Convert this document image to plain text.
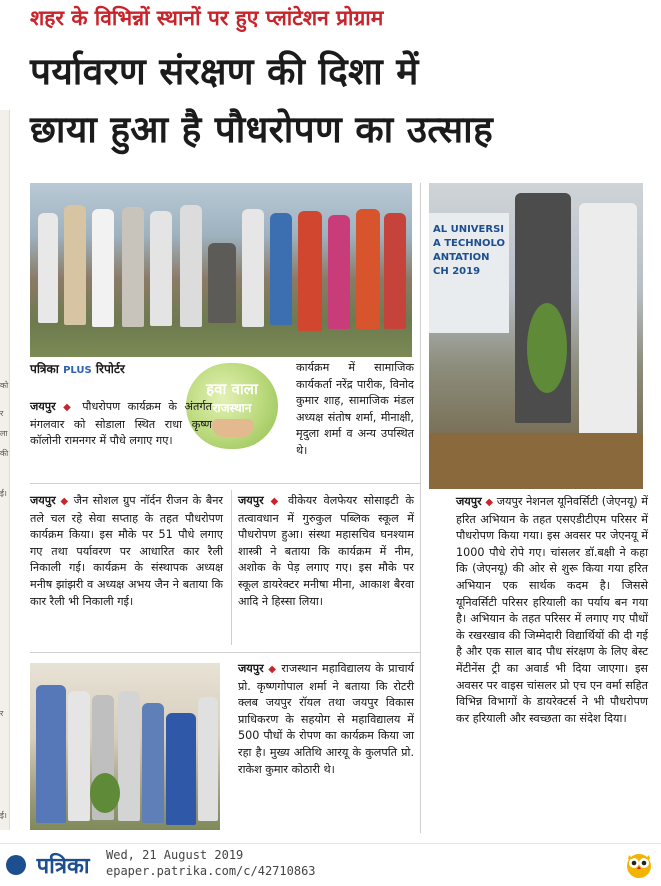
को
र
ला
की
ई।
र
ई।
शहर के विभिन्नों स्थानों पर हुए प्लांटेशन प्रोग्राम
पर्यावरण संरक्षण की दिशा में
छाया हुआ है पौधरोपण का उत्साह
AL UNIVERSI
A TECHNOLO
ANTATION
CH 2019
पत्रिका PLUS रिपोर्टर
हवा वाला
राजस्थान
जयपुर ◆ पौधरोपण कार्यक्रम के अंतर्गत मंगलवार को सोडाला स्थित राधा कृष्ण कॉलोनी रामनगर में पौधे लगाए गए।
कार्यक्रम में सामाजिक कार्यकर्ता नरेंद्र पारीक, विनोद कुमार शाह, सामाजिक मंडल अध्यक्ष संतोष शर्मा, मीनाक्षी, मृदुला शर्मा व अन्य उपस्थित थे।
जयपुर ◆ जैन सोशल ग्रुप नॉर्दन रीजन के बैनर तले चल रहे सेवा सप्ताह के तहत पौधरोपण कार्यक्रम किया। इस मौके पर 51 पौधे लगाए गए तथा पर्यावरण पर आधारित कार रैली निकाली गई। कार्यक्रम के संस्थापक अध्यक्ष मनीष झांझरी व अध्यक्ष अभय जैन ने बताया कि कार रैली भी निकाली गई।
जयपुर ◆ वीकेयर वेलफेयर सोसाइटी के तत्वावधान में गुरुकुल पब्लिक स्कूल में पौधरोपण हुआ। संस्था महासचिव घनश्याम शास्त्री ने बताया कि कार्यक्रम में नीम, अशोक के पेड़ लगाए गए। इस मौके पर स्कूल डायरेक्टर मनीषा मीना, आकाश बैरवा आदि ने हिस्सा लिया।
जयपुर ◆ राजस्थान महाविद्यालय के प्राचार्य प्रो. कृष्णगोपाल शर्मा ने बताया कि रोटरी क्लब जयपुर रॉयल तथा जयपुर विकास प्राधिकरण के सहयोग से महाविद्यालय में 500 पौधों के रोपण का कार्यक्रम किया जा रहा है। मुख्य अतिथि आरयू के कुलपति प्रो. राकेश कुमार कोठारी थे।
जयपुर ◆ जयपुर नेशनल यूनिवर्सिटी (जेएनयू) में हरित अभियान के तहत एसएडीटीएम परिसर में पौधरोपण किया गया। इस अवसर पर जेएनयू में 1000 पौधे रोपे गए। चांसलर डॉ.बक्षी ने कहा कि (जेएनयू) की ओर से शुरू किया गया हरित अभियान एक सार्थक कदम है। जिससे यूनिवर्सिटी परिसर हरियाली का पर्याय बन गया है। अभियान के तहत परिसर में लगाए गए पौधों के रखरखाव की जिम्मेदारी विद्यार्थियों की दी गई है और एक साल बाद पौध संरक्षण के लिए बेस्ट मेंटीनेंस ट्री का अवार्ड भी दिया जाएगा। इस अवसर पर वाइस चांसलर प्रो एच एन वर्मा सहित विभिन्न विभागों के डायरेक्टर्स ने भी पौधरोपण कर हरियाली और स्वच्छता का संदेश दिया।
पत्रिका Wed, 21 August 2019
epaper.patrika.com/c/42710863
